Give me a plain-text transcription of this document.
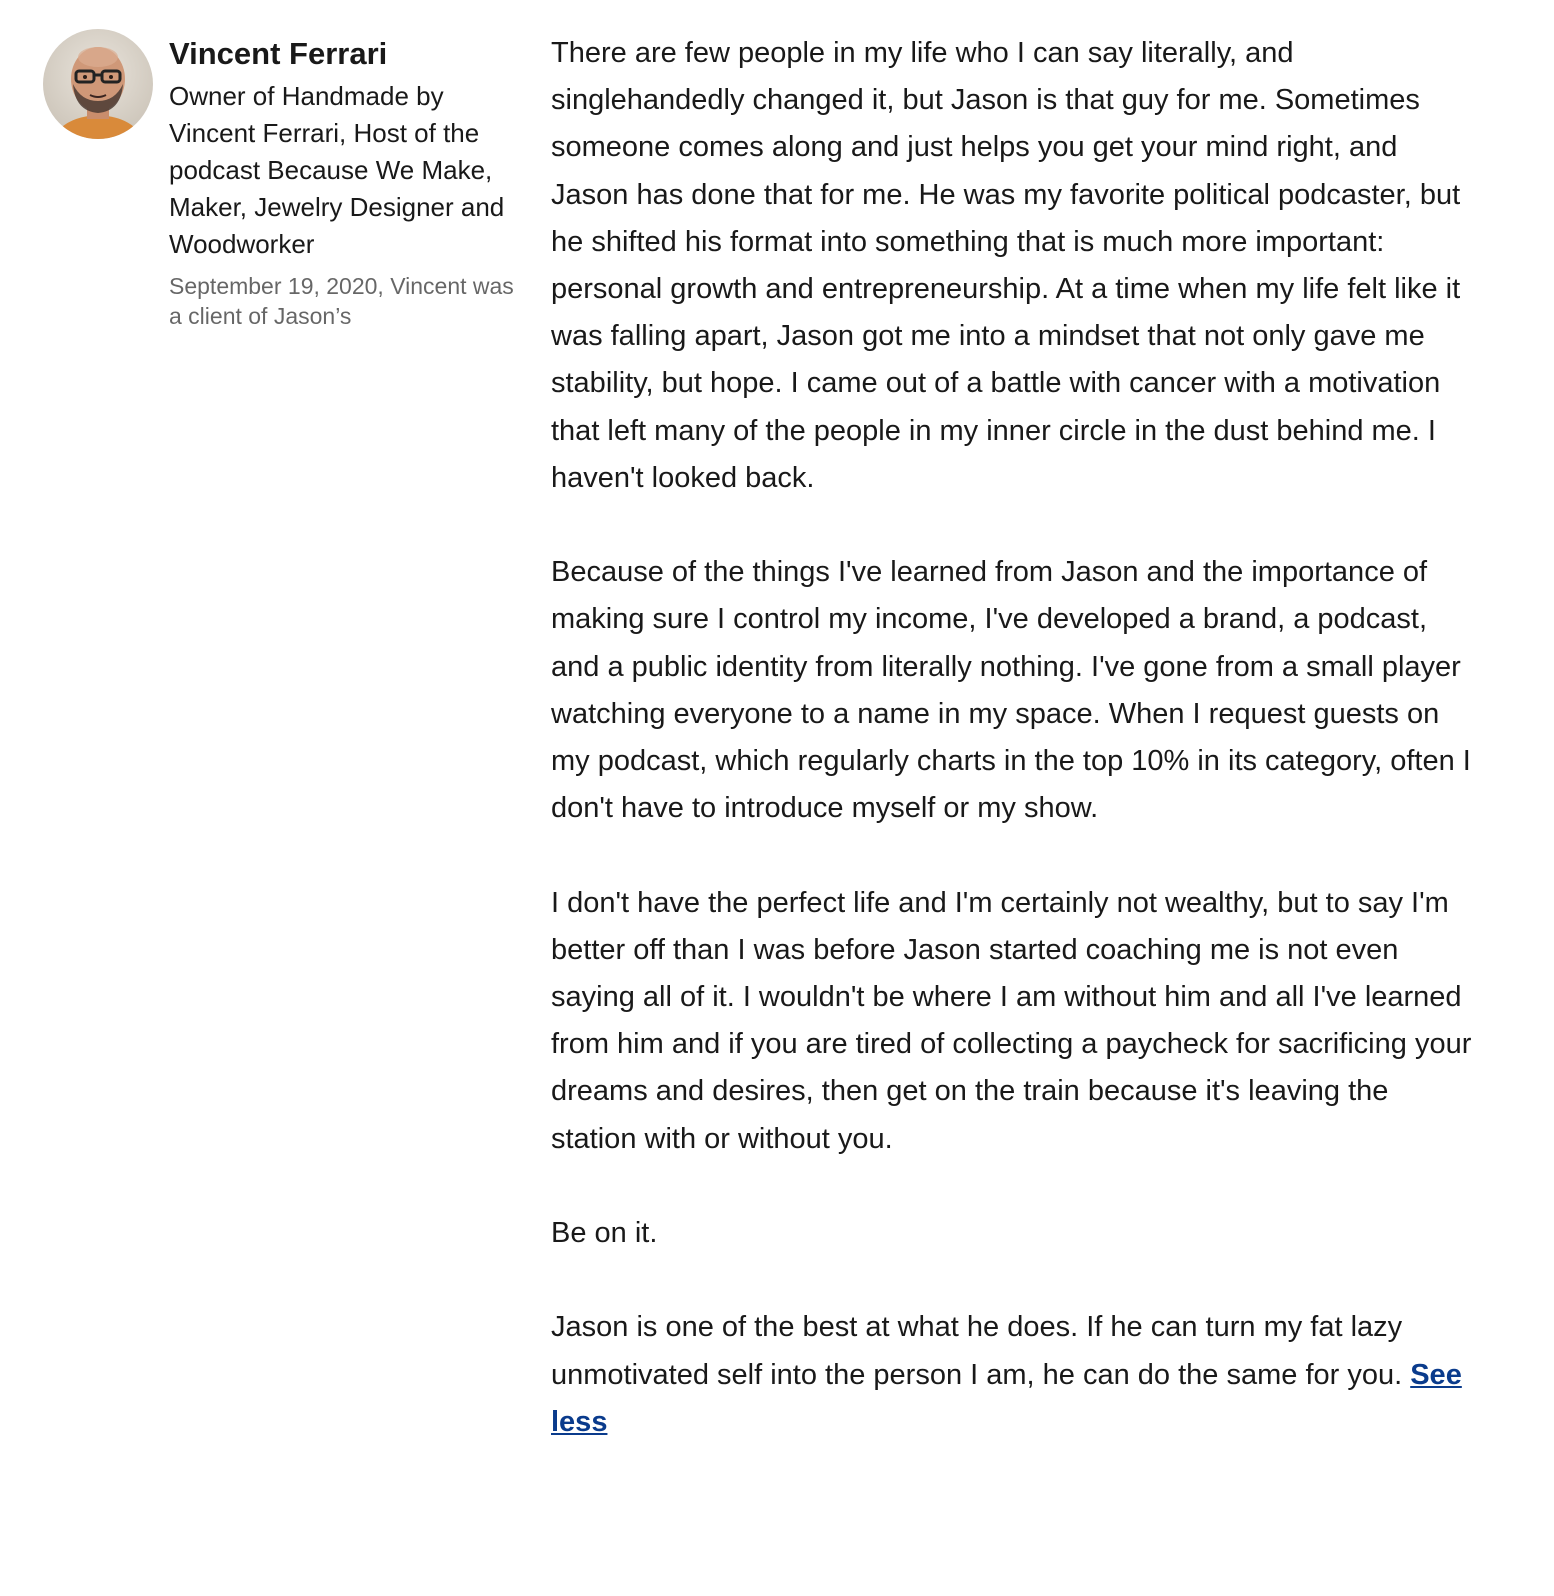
Vincent Ferrari

Owner of Handmade by Vincent Ferrari, Host of the podcast Because We Make, Maker, Jewelry Designer and Woodworker

September 19, 2020, Vincent was a client of Jason’s

There are few people in my life who I can say literally, and singlehandedly changed it, but Jason is that guy for me. Sometimes someone comes along and just helps you get your mind right, and Jason has done that for me. He was my favorite political podcaster, but he shifted his format into something that is much more important: personal growth and entrepreneurship. At a time when my life felt like it was falling apart, Jason got me into a mindset that not only gave me stability, but hope. I came out of a battle with cancer with a motivation that left many of the people in my inner circle in the dust behind me. I haven't looked back.

Because of the things I've learned from Jason and the importance of making sure I control my income, I've developed a brand, a podcast, and a public identity from literally nothing. I've gone from a small player watching everyone to a name in my space. When I request guests on my podcast, which regularly charts in the top 10% in its category, often I don't have to introduce myself or my show.

I don't have the perfect life and I'm certainly not wealthy, but to say I'm better off than I was before Jason started coaching me is not even saying all of it. I wouldn't be where I am without him and all I've learned from him and if you are tired of collecting a paycheck for sacrificing your dreams and desires, then get on the train because it's leaving the station with or without you.

Be on it.

Jason is one of the best at what he does. If he can turn my fat lazy unmotivated self into the person I am, he can do the same for you. See less
